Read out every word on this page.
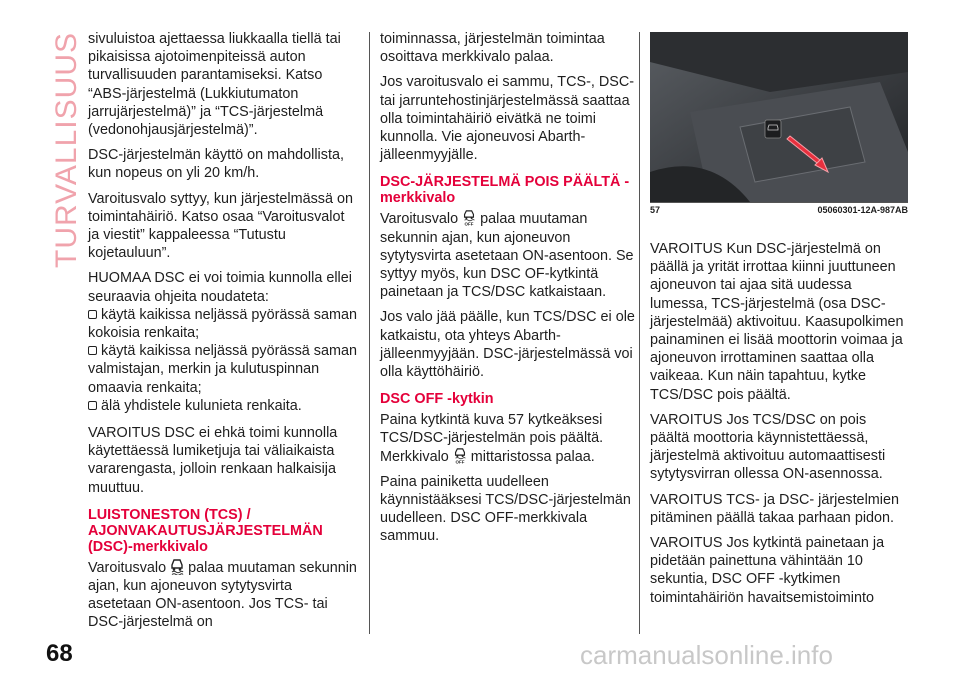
TURVALLISUUS
68

sivuluistoa ajettaessa liukkaalla tiellä tai pikaisissa ajotoimenpiteissä auton turvallisuuden parantamiseksi. Katso “ABS-järjestelmä (Lukkiutumaton jarrujärjestelmä)” ja “TCS-järjestelmä (vedonohjausjärjestelmä)”.

DSC-järjestelmän käyttö on mahdollista, kun nopeus on yli 20 km/h.

Varoitusvalo syttyy, kun järjestelmässä on toimintahäiriö. Katso osaa “Varoitusvalot ja viestit” kappaleessa “Tutustu kojetauluun”.

HUOMAA DSC ei voi toimia kunnolla ellei seuraavia ohjeita noudateta:

käytä kaikissa neljässä pyörässä saman kokoisia renkaita;

käytä kaikissa neljässä pyörässä saman valmistajan, merkin ja kulutuspinnan omaavia renkaita;

älä yhdistele kulunieta renkaita.

VAROITUS DSC ei ehkä toimi kunnolla käytettäessä lumiketjuja tai väliaikaista vararengasta, jolloin renkaan halkaisija muuttuu.

LUISTONESTON (TCS) / AJONVAKAUTUSJÄRJESTELMÄN (DSC)-merkkivalo

Varoitusvalo palaa muutaman sekunnin ajan, kun ajoneuvon sytytysvirta asetetaan ON-asentoon. Jos TCS- tai DSC-järjestelmä on

toiminnassa, järjestelmän toimintaa osoittava merkkivalo palaa.

Jos varoitusvalo ei sammu, TCS-, DSC- tai jarruntehostinjärjestelmässä saattaa olla toimintahäiriö eivätkä ne toimi kunnolla. Vie ajoneuvosi Abarth-jälleenmyyjälle.

DSC-JÄRJESTELMÄ POIS PÄÄLTÄ -merkkivalo

Varoitusvalo OFF palaa muutaman sekunnin ajan, kun ajoneuvon sytytysvirta asetetaan ON-asentoon. Se syttyy myös, kun DSC OF-kytkintä painetaan ja TCS/DSC katkaistaan.

Jos valo jää päälle, kun TCS/DSC ei ole katkaistu, ota yhteys Abarth-jälleenmyyjään. DSC-järjestelmässä voi olla käyttöhäiriö.

DSC OFF -kytkin

Paina kytkintä kuva 57 kytkeäksesi TCS/DSC-järjestelmän pois päältä. Merkkivalo OFF mittaristossa palaa.

Paina painiketta uudelleen käynnistääksesi TCS/DSC-järjestelmän uudelleen. DSC OFF-merkkivala sammuu.

57	05060301-12A-987AB

VAROITUS Kun DSC-järjestelmä on päällä ja yrität irrottaa kiinni juuttuneen ajoneuvon tai ajaa sitä uudessa lumessa, TCS-järjestelmä (osa DSC-järjestelmää) aktivoituu. Kaasupolkimen painaminen ei lisää moottorin voimaa ja ajoneuvon irrottaminen saattaa olla vaikeaa. Kun näin tapahtuu, kytke TCS/DSC pois päältä.

VAROITUS Jos TCS/DSC on pois päältä moottoria käynnistettäessä, järjestelmä aktivoituu automaattisesti sytytysvirran ollessa ON-asennossa.

VAROITUS TCS- ja DSC- järjestelmien pitäminen päällä takaa parhaan pidon.

VAROITUS Jos kytkintä painetaan ja pidetään painettuna vähintään 10 sekuntia, DSC OFF -kytkimen toimintahäiriön havaitsemistoiminto

carmanualsonline.info
